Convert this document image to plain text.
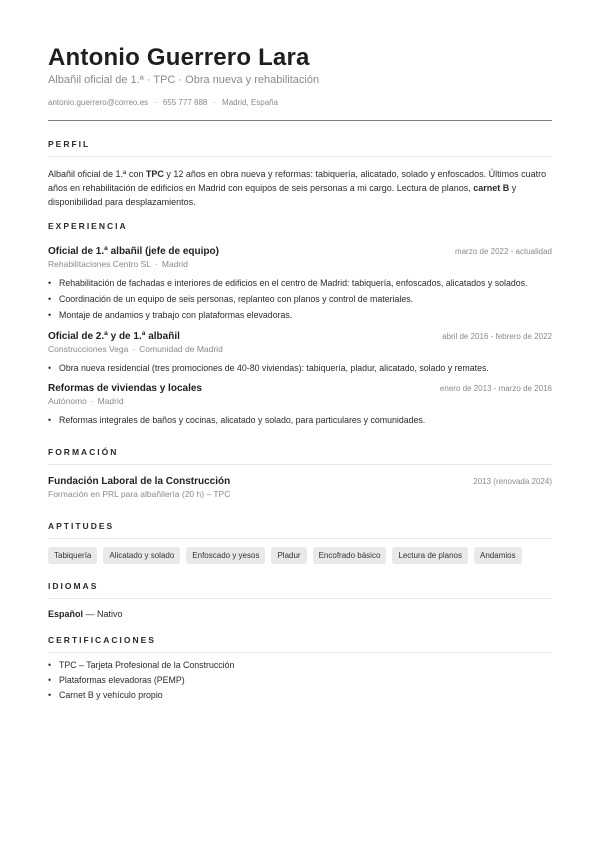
Antonio Guerrero Lara
Albañil oficial de 1.ª · TPC · Obra nueva y rehabilitación
antonio.guerrero@correo.es · 655 777 888 · Madrid, España
PERFIL
Albañil oficial de 1.ª con TPC y 12 años en obra nueva y reformas: tabiquería, alicatado, solado y enfoscados. Últimos cuatro años en rehabilitación de edificios en Madrid con equipos de seis personas a mi cargo. Lectura de planos, carnet B y disponibilidad para desplazamientos.
EXPERIENCIA
Oficial de 1.ª albañil (jefe de equipo)	marzo de 2022 - actualidad
Rehabilitaciones Centro SL · Madrid
• Rehabilitación de fachadas e interiores de edificios en el centro de Madrid: tabiquería, enfoscados, alicatados y solados.
• Coordinación de un equipo de seis personas, replanteo con planos y control de materiales.
• Montaje de andamios y trabajo con plataformas elevadoras.
Oficial de 2.ª y de 1.ª albañil	abril de 2016 - febrero de 2022
Construcciones Vega · Comunidad de Madrid
• Obra nueva residencial (tres promociones de 40-80 viviendas): tabiquería, pladur, alicatado, solado y remates.
Reformas de viviendas y locales	enero de 2013 - marzo de 2016
Autónomo · Madrid
• Reformas integrales de baños y cocinas, alicatado y solado, para particulares y comunidades.
FORMACIÓN
Fundación Laboral de la Construcción	2013 (renovada 2024)
Formación en PRL para albañilería (20 h) – TPC
APTITUDES
Tabiquería	Alicatado y solado	Enfoscado y yesos	Pladur	Encofrado básico	Lectura de planos	Andamios
IDIOMAS
Español — Nativo
CERTIFICACIONES
• TPC – Tarjeta Profesional de la Construcción
• Plataformas elevadoras (PEMP)
• Carnet B y vehículo propio
